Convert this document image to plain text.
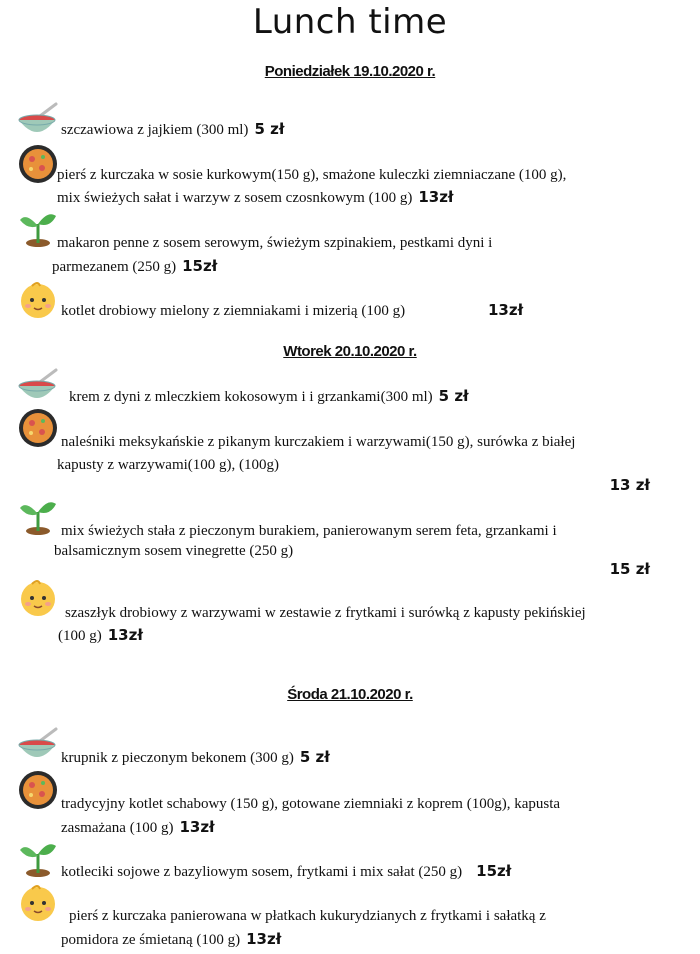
Lunch time
Poniedziałek 19.10.2020 r.
szczawiowa z jajkiem (300 ml) 5 zł
pierś z kurczaka w sosie kurkowym(150 g), smażone kuleczki ziemniaczane (100 g),
mix świeżych sałat i warzyw z sosem czosnkowym (100 g) 13zł
makaron penne z sosem serowym, świeżym szpinakiem, pestkami dyni i
parmezanem (250 g) 15zł
kotlet drobiowy mielony z ziemniakami i mizerią (100 g)	13zł
Wtorek 20.10.2020 r.
krem z dyni z mleczkiem kokosowym i i grzankami(300 ml) 5 zł
naleśniki meksykańskie z pikanym kurczakiem i warzywami(150 g), surówka z białej
kapusty z warzywami(100 g), (100g)
13 zł
mix świeżych stała z pieczonym burakiem, panierowanym serem feta, grzankami i
balsamicznym sosem vinegrette (250 g)
15 zł
szaszłyk drobiowy z warzywami w zestawie z frytkami i surówką z kapusty pekińskiej
(100 g) 13zł
Środa 21.10.2020 r.
krupnik z pieczonym bekonem (300 g) 5 zł
tradycyjny kotlet schabowy (150 g), gotowane ziemniaki z koprem (100g), kapusta
zasmażana (100 g) 13zł
kotleciki sojowe z bazyliowym sosem, frytkami i mix sałat (250 g) 15zł
pierś z kurczaka panierowana w płatkach kukurydzianych z frytkami i sałatką z
pomidora ze śmietaną (100 g) 13zł
